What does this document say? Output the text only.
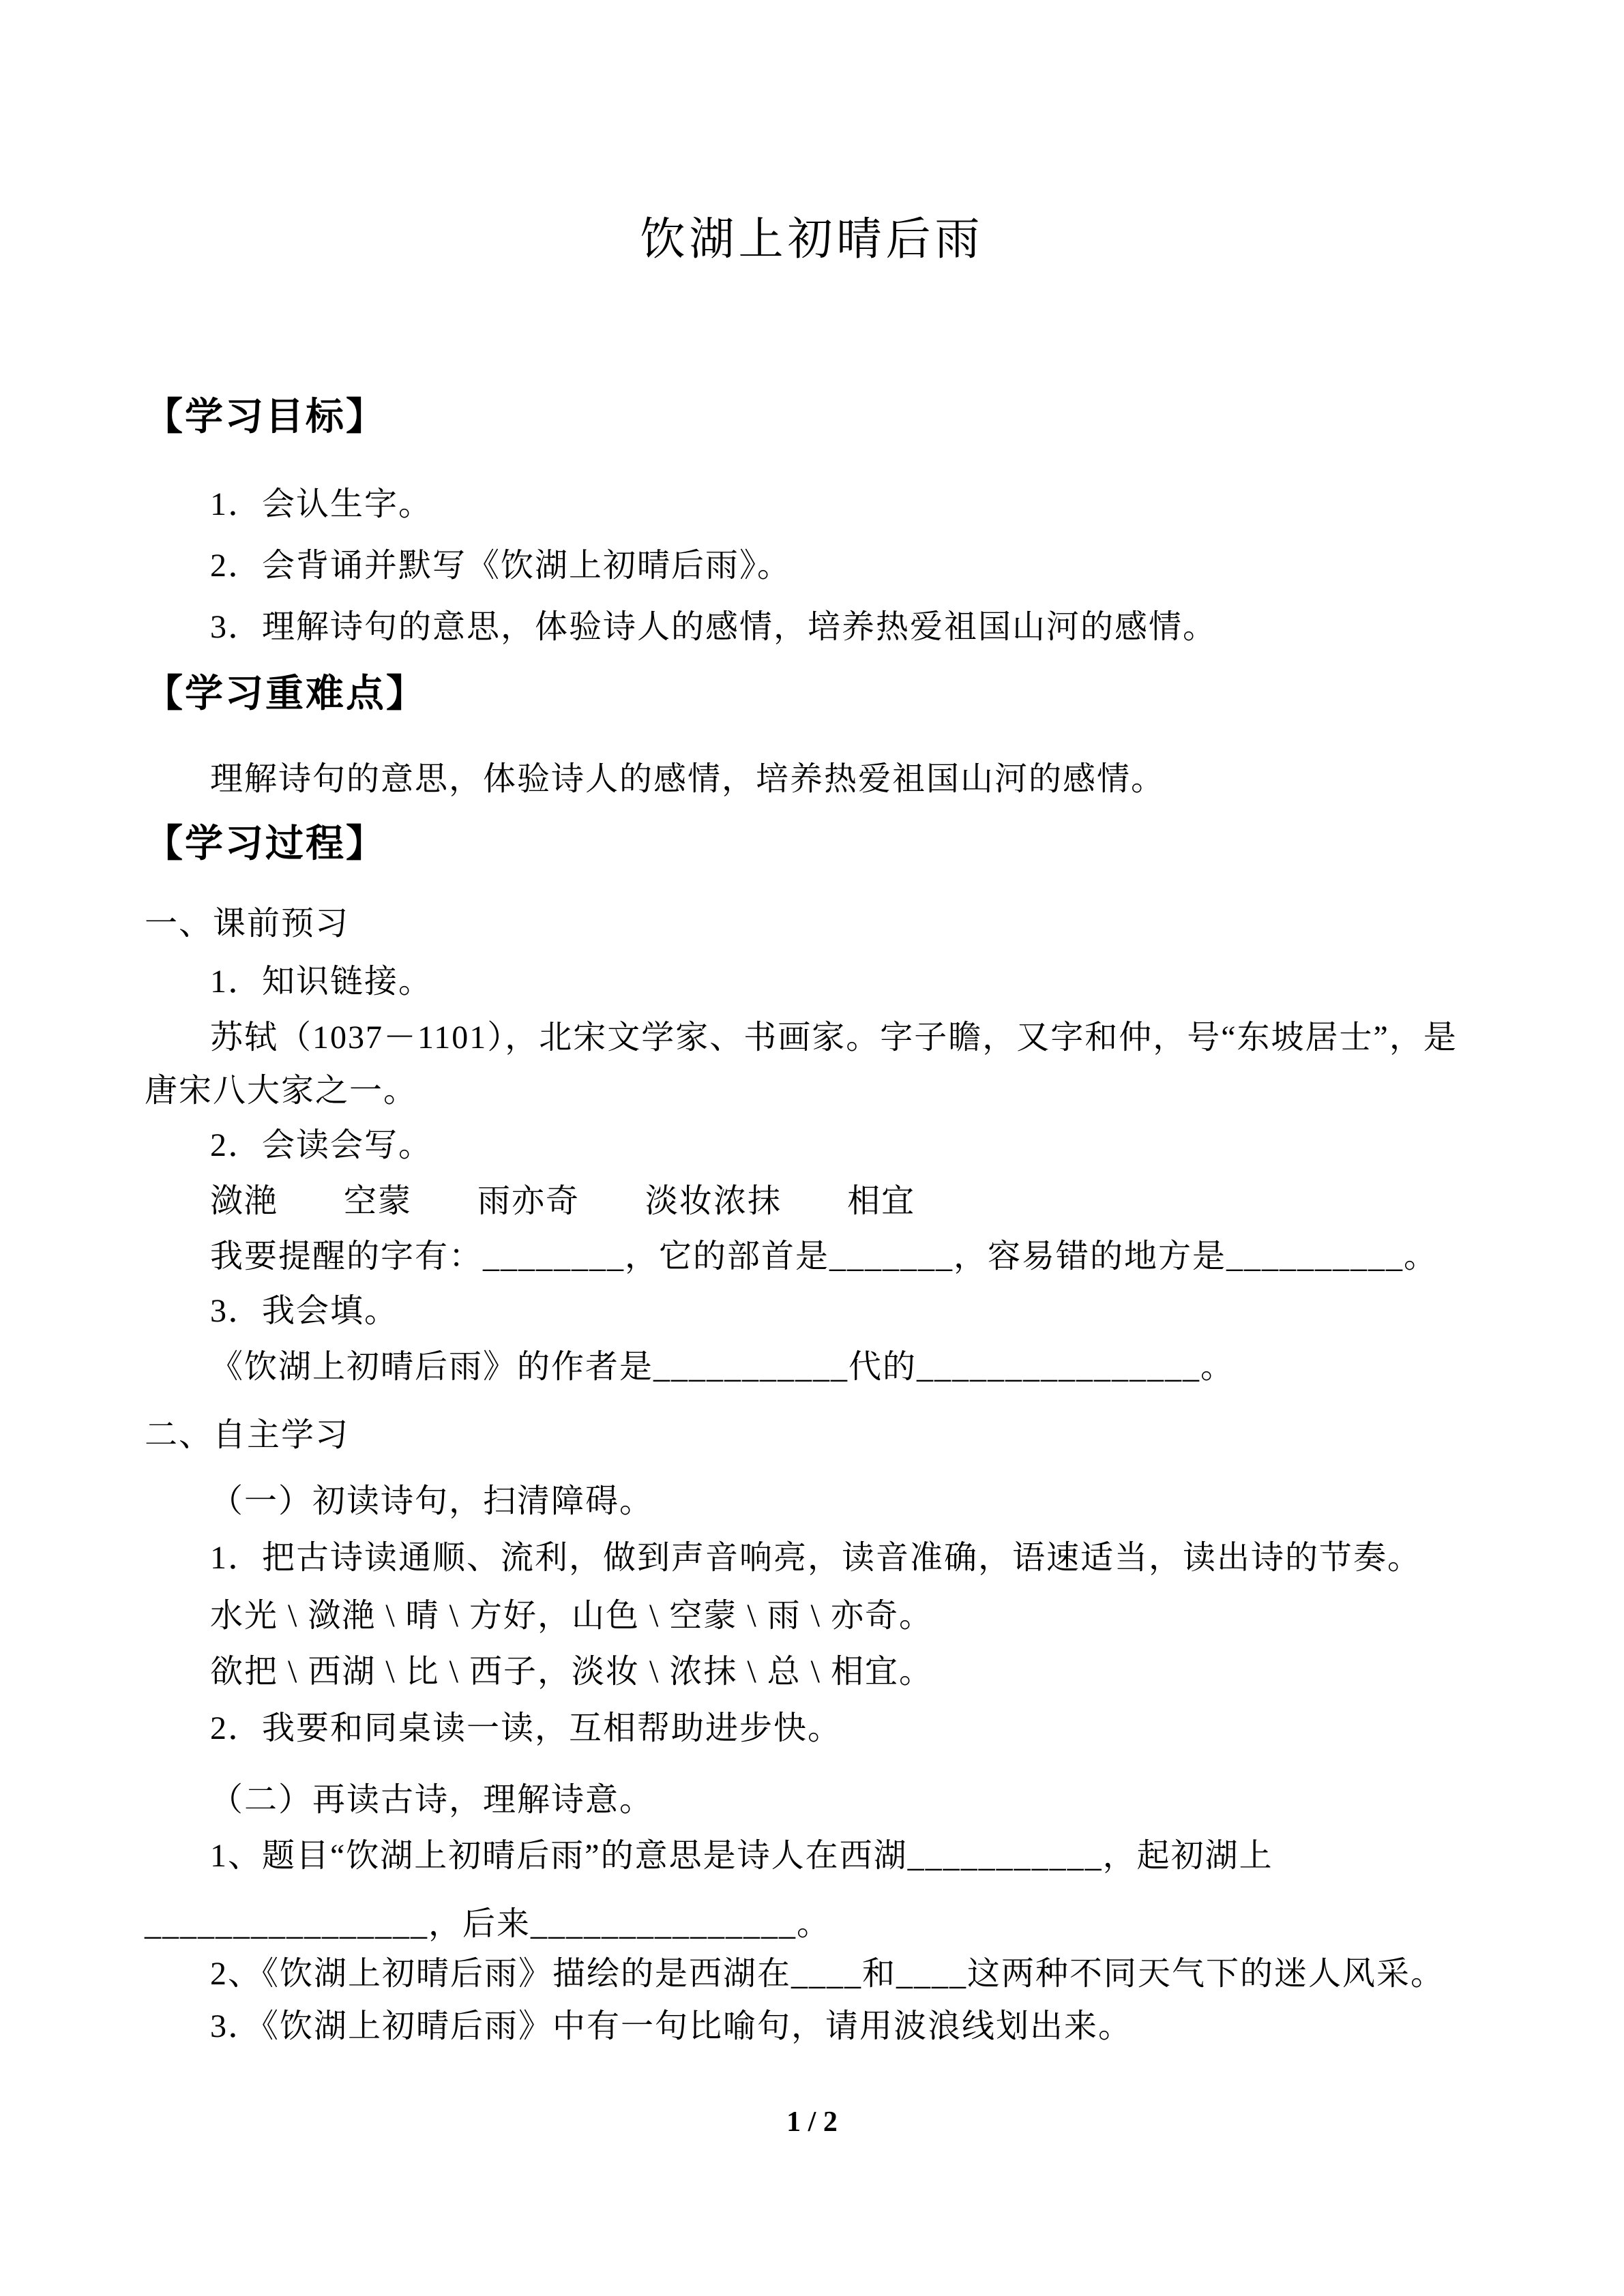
饮湖上初晴后雨
【学习目标】
1．会认生字。
2．会背诵并默写《饮湖上初晴后雨》。
3．理解诗句的意思，体验诗人的感情，培养热爱祖国山河的感情。
【学习重难点】
理解诗句的意思，体验诗人的感情，培养热爱祖国山河的感情。
【学习过程】
一、课前预习
1．知识链接。
苏轼（1037－1101），北宋文学家、书画家。字子瞻，又字和仲，号“东坡居士”，是
唐宋八大家之一。
2．会读会写。
潋滟 空蒙 雨亦奇 淡妆浓抹 相宜
我要提醒的字有：________，它的部首是_______，容易错的地方是__________。
3．我会填。
《饮湖上初晴后雨》的作者是___________代的________________。
二、自主学习
（一）初读诗句，扫清障碍。
1．把古诗读通顺、流利，做到声音响亮，读音准确，语速适当，读出诗的节奏。
水光 \ 潋滟 \ 晴 \ 方好，山色 \ 空蒙 \ 雨 \ 亦奇。
欲把 \ 西湖 \ 比 \ 西子，淡妆 \ 浓抹 \ 总 \ 相宜。
2．我要和同桌读一读，互相帮助进步快。
（二）再读古诗，理解诗意。
1、题目“饮湖上初晴后雨”的意思是诗人在西湖___________，起初湖上
________________，后来_______________。
2、《饮湖上初晴后雨》描绘的是西湖在____和____这两种不同天气下的迷人风采。
3．《饮湖上初晴后雨》中有一句比喻句，请用波浪线划出来。
1 / 2
